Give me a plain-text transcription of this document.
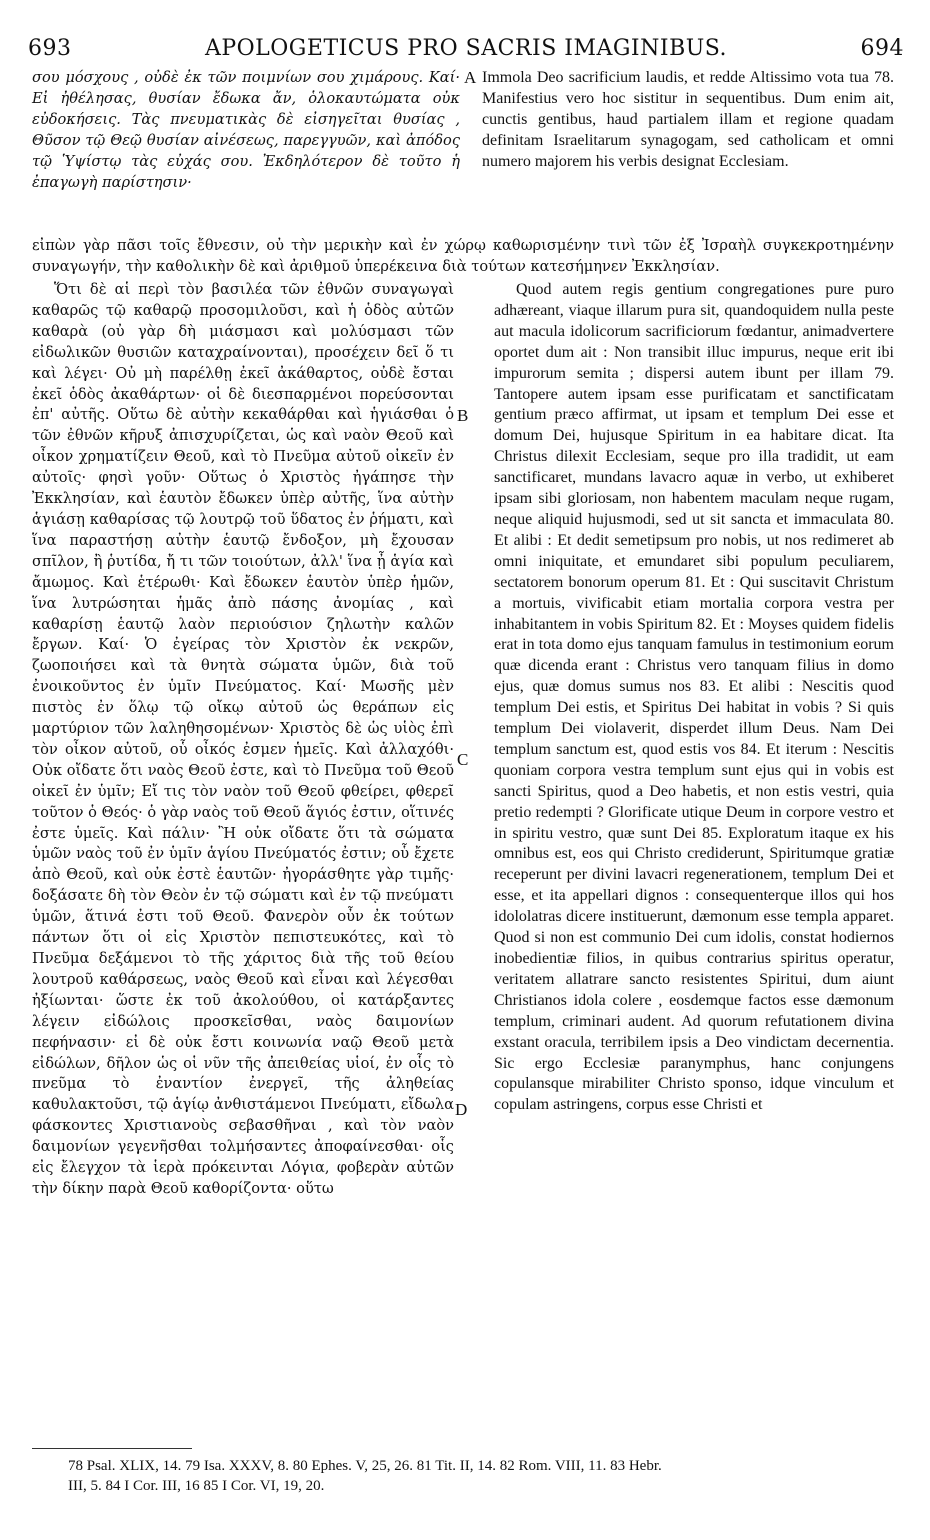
693	APOLOGETICUS PRO SACRIS IMAGINIBUS.	694

σου μόσχους , οὐδὲ ἐκ τῶν ποιμνίων σου χιμάρους. Καί· Εἰ ἠθέλησας, θυσίαν ἔδωκα ἄν, ὁλοκαυτώματα οὐκ εὐδοκήσεις. Τὰς πνευματικὰς δὲ εἰσηγεῖται θυσίας , Θῦσον τῷ Θεῷ θυσίαν αἰνέσεως, παρεγγυῶν, καὶ ἀπόδος τῷ Ὑψίστῳ τὰς εὐχάς σου. Ἐκδηλότερον δὲ τοῦτο ἡ ἐπαγωγὴ παρίστησιν·

Immola Deo sacrificium laudis, et redde Altissimo vota tua 78. Manifestius vero hoc sistitur in sequentibus. Dum enim ait, cunctis gentibus, haud partialem illam et regione quadam definitam Israelitarum synagogam, sed catholicam et omni numero majorem his verbis designat Ecclesiam.

εἰπὼν γὰρ πᾶσι τοῖς ἔθνεσιν, οὐ τὴν μερικὴν καὶ ἐν χώρῳ καθωρισμένην τινὶ τῶν ἐξ Ἰσραὴλ συγκεκροτημένην συναγωγήν, τὴν καθολικὴν δὲ καὶ ἀριθμοῦ ὑπερέκεινα διὰ τούτων κατεσήμηνεν Ἐκκλησίαν.

Ὅτι δὲ αἱ περὶ τὸν βασιλέα τῶν ἐθνῶν συναγωγαὶ καθαρῶς τῷ καθαρῷ προσομιλοῦσι, καὶ ἡ ὁδὸς αὐτῶν καθαρὰ (οὐ γὰρ δὴ μιάσμασι καὶ μολύσμασι τῶν εἰδωλικῶν θυσιῶν καταχραίνονται), προσέχειν δεῖ ὅ τι καὶ λέγει· Οὐ μὴ παρέλθῃ ἐκεῖ ἀκάθαρτος, οὐδὲ ἔσται ἐκεῖ ὁδὸς ἀκαθάρτων· οἱ δὲ διεσπαρμένοι πορεύσονται ἐπ' αὐτῆς. Οὕτω δὲ αὐτὴν κεκαθάρθαι καὶ ἡγιάσθαι ὁ τῶν ἐθνῶν κῆρυξ ἀπισχυρίζεται, ὡς καὶ ναὸν Θεοῦ καὶ οἶκον χρηματίζειν Θεοῦ, καὶ τὸ Πνεῦμα αὐτοῦ οἰκεῖν ἐν αὐτοῖς· φησὶ γοῦν· Οὕτως ὁ Χριστὸς ἠγάπησε τὴν Ἐκκλησίαν, καὶ ἑαυτὸν ἔδωκεν ὑπὲρ αὐτῆς, ἵνα αὐτὴν ἁγιάσῃ καθαρίσας τῷ λουτρῷ τοῦ ὕδατος ἐν ῥήματι, καὶ ἵνα παραστήσῃ αὐτὴν ἑαυτῷ ἔνδοξον, μὴ ἔχουσαν σπῖλον, ἢ ῥυτίδα, ἤ τι τῶν τοιούτων, ἀλλ' ἵνα ᾖ ἁγία καὶ ἄμωμος. Καὶ ἑτέρωθι· Καὶ ἔδωκεν ἑαυτὸν ὑπὲρ ἡμῶν, ἵνα λυτρώσηται ἡμᾶς ἀπὸ πάσης ἀνομίας , καὶ καθαρίσῃ ἑαυτῷ λαὸν περιούσιον ζηλωτὴν καλῶν ἔργων. Καί· Ὁ ἐγείρας τὸν Χριστὸν ἐκ νεκρῶν, ζωοποιήσει καὶ τὰ θνητὰ σώματα ὑμῶν, διὰ τοῦ ἐνοικοῦντος ἐν ὑμῖν Πνεύματος. Καί· Μωσῆς μὲν πιστὸς ἐν ὅλῳ τῷ οἴκῳ αὐτοῦ ὡς θεράπων εἰς μαρτύριον τῶν λαληθησομένων· Χριστὸς δὲ ὡς υἱὸς ἐπὶ τὸν οἶκον αὐτοῦ, οὗ οἶκός ἐσμεν ἡμεῖς. Καὶ ἀλλαχόθι· Οὐκ οἴδατε ὅτι ναὸς Θεοῦ ἐστε, καὶ τὸ Πνεῦμα τοῦ Θεοῦ οἰκεῖ ἐν ὑμῖν; Εἴ τις τὸν ναὸν τοῦ Θεοῦ φθείρει, φθερεῖ τοῦτον ὁ Θεός· ὁ γὰρ ναὸς τοῦ Θεοῦ ἅγιός ἐστιν, οἵτινές ἐστε ὑμεῖς. Καὶ πάλιν· Ἢ οὐκ οἴδατε ὅτι τὰ σώματα ὑμῶν ναὸς τοῦ ἐν ὑμῖν ἁγίου Πνεύματός ἐστιν; οὗ ἔχετε ἀπὸ Θεοῦ, καὶ οὐκ ἐστὲ ἑαυτῶν· ἠγοράσθητε γὰρ τιμῆς· δοξάσατε δὴ τὸν Θεὸν ἐν τῷ σώματι καὶ ἐν τῷ πνεύματι ὑμῶν, ἅτινά ἐστι τοῦ Θεοῦ. Φανερὸν οὖν ἐκ τούτων πάντων ὅτι οἱ εἰς Χριστὸν πεπιστευκότες, καὶ τὸ Πνεῦμα δεξάμενοι τὸ τῆς χάριτος διὰ τῆς τοῦ θείου λουτροῦ καθάρσεως, ναὸς Θεοῦ καὶ εἶναι καὶ λέγεσθαι ἠξίωνται· ὥστε ἐκ τοῦ ἀκολούθου, οἱ κατάρξαντες λέγειν εἰδώλοις προσκεῖσθαι, ναὸς δαιμονίων πεφήνασιν· εἰ δὲ οὐκ ἔστι κοινωνία ναῷ Θεοῦ μετὰ εἰδώλων, δῆλον ὡς οἱ νῦν τῆς ἀπειθείας υἱοί, ἐν οἷς τὸ πνεῦμα τὸ ἐναντίον ἐνεργεῖ, τῆς ἀληθείας καθυλακτοῦσι, τῷ ἁγίῳ ἀνθιστάμενοι Πνεύματι, εἴδωλα φάσκοντες Χριστιανοὺς σεβασθῆναι , καὶ τὸν ναὸν δαιμονίων γεγενῆσθαι τολμήσαντες ἀποφαίνεσθαι· οἷς εἰς ἔλεγχον τὰ ἱερὰ πρόκεινται Λόγια, φοβερὰν αὐτῶν τὴν δίκην παρὰ Θεοῦ καθορίζοντα· οὕτω

Quod autem regis gentium congregationes pure puro adhæreant, viaque illarum pura sit, quandoquidem nulla peste aut macula idolicorum sacrificiorum fœdantur, animadvertere oportet dum ait : Non transibit illuc impurus, neque erit ibi impurorum semita ; dispersi autem ibunt per illam 79. Tantopere autem ipsam esse purificatam et sanctificatam gentium præco affirmat, ut ipsam et templum Dei esse et domum Dei, hujusque Spiritum in ea habitare dicat. Ita Christus dilexit Ecclesiam, seque pro illa tradidit, ut eam sanctificaret, mundans lavacro aquæ in verbo, ut exhiberet ipsam sibi gloriosam, non habentem maculam neque rugam, neque aliquid hujusmodi, sed ut sit sancta et immaculata 80. Et alibi : Et dedit semetipsum pro nobis, ut nos redimeret ab omni iniquitate, et emundaret sibi populum peculiarem, sectatorem bonorum operum 81. Et : Qui suscitavit Christum a mortuis, vivificabit etiam mortalia corpora vestra per inhabitantem in vobis Spiritum 82. Et : Moyses quidem fidelis erat in tota domo ejus tanquam famulus in testimonium eorum quæ dicenda erant : Christus vero tanquam filius in domo ejus, quæ domus sumus nos 83. Et alibi : Nescitis quod templum Dei estis, et Spiritus Dei habitat in vobis ? Si quis templum Dei violaverit, disperdet illum Deus. Nam Dei templum sanctum est, quod estis vos 84. Et iterum : Nescitis quoniam corpora vestra templum sunt ejus qui in vobis est sancti Spiritus, quod a Deo habetis, et non estis vestri, quia pretio redempti ? Glorificate utique Deum in corpore vestro et in spiritu vestro, quæ sunt Dei 85. Exploratum itaque ex his omnibus est, eos qui Christo crediderunt, Spiritumque gratiæ receperunt per divini lavacri regenerationem, templum Dei et esse, et ita appellari dignos : consequenterque illos qui hos idololatras dicere instituerunt, dæmonum esse templa apparet. Quod si non est communio Dei cum idolis, constat hodiernos inobedientiæ filios, in quibus contrarius spiritus operatur, veritatem allatrare sancto resistentes Spiritui, dum aiunt Christianos idola colere , eosdemque factos esse dæmonum templum, criminari audent. Ad quorum refutationem divina exstant oracula, terribilem ipsis a Deo vindictam decernentia. Sic ergo Ecclesiæ paranymphus, hanc conjungens copulansque mirabiliter Christo sponso, idque vinculum et copulam astringens, corpus esse Christi et

A
B
C
D

78 Psal. XLIX, 14. 79 Isa. XXXV, 8. 80 Ephes. V, 25, 26. 81 Tit. II, 14. 82 Rom. VIII, 11. 83 Hebr.

III, 5. 84 I Cor. III, 16 85 I Cor. VI, 19, 20.
